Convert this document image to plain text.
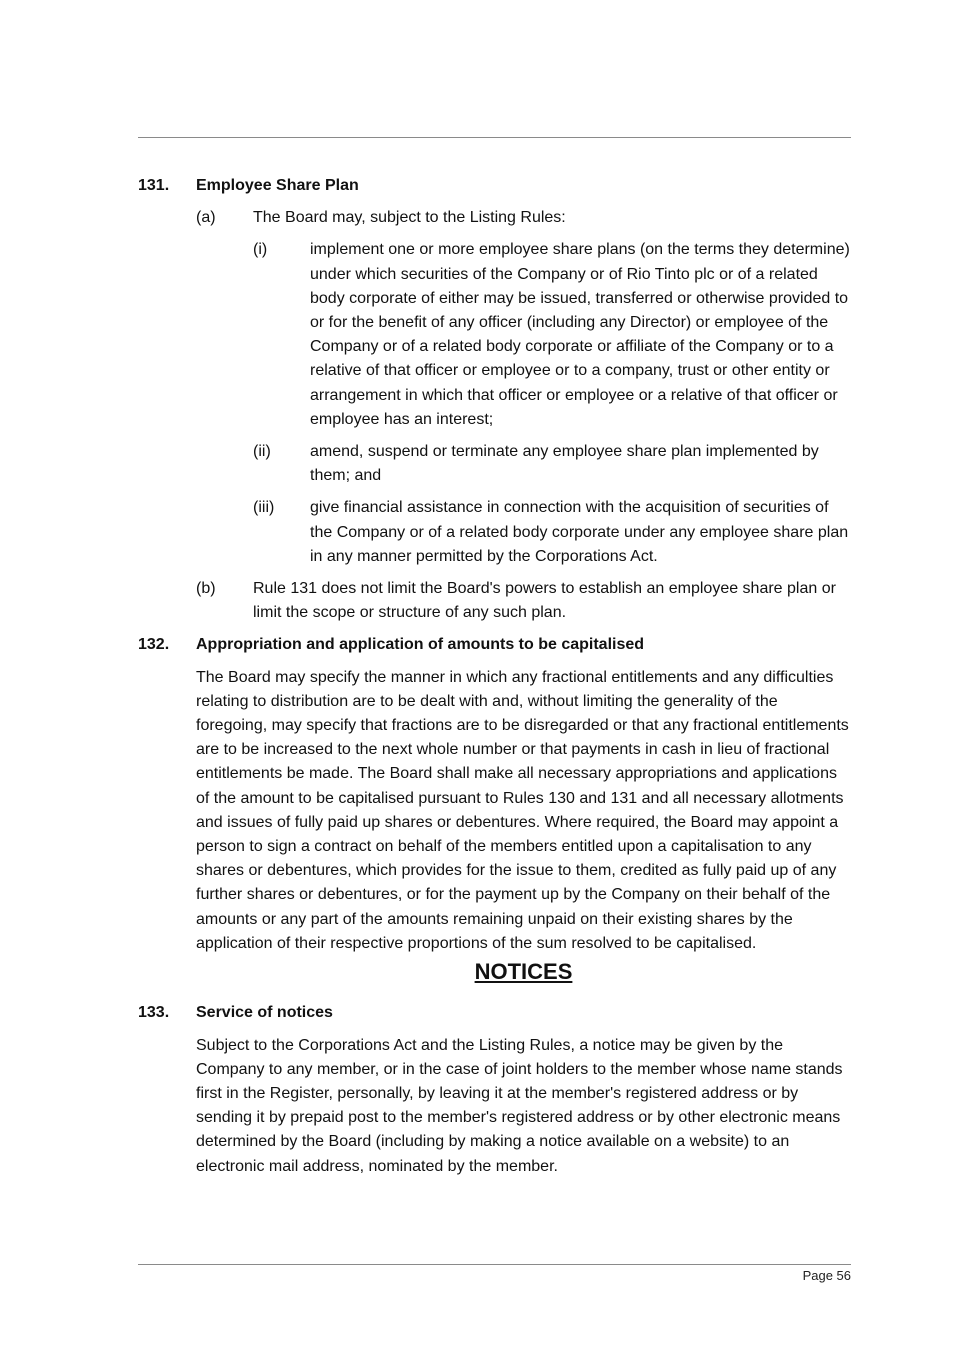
131.	Employee Share Plan
(a)	The Board may, subject to the Listing Rules:
(i)	implement one or more employee share plans (on the terms they determine) under which securities of the Company or of Rio Tinto plc or of a related body corporate of either may be issued, transferred or otherwise provided to or for the benefit of any officer (including any Director) or employee of the Company or of a related body corporate or affiliate of the Company or to a relative of that officer or employee or to a company, trust or other entity or arrangement in which that officer or employee or a relative of that officer or employee has an interest;
(ii)	amend, suspend or terminate any employee share plan implemented by them; and
(iii)	give financial assistance in connection with the acquisition of securities of the Company or of a related body corporate under any employee share plan in any manner permitted by the Corporations Act.
(b)	Rule 131 does not limit the Board's powers to establish an employee share plan or limit the scope or structure of any such plan.
132.	Appropriation and application of amounts to be capitalised
The Board may specify the manner in which any fractional entitlements and any difficulties relating to distribution are to be dealt with and, without limiting the generality of the foregoing, may specify that fractions are to be disregarded or that any fractional entitlements are to be increased to the next whole number or that payments in cash in lieu of fractional entitlements be made. The Board shall make all necessary appropriations and applications of the amount to be capitalised pursuant to Rules 130 and 131 and all necessary allotments and issues of fully paid up shares or debentures. Where required, the Board may appoint a person to sign a contract on behalf of the members entitled upon a capitalisation to any shares or debentures, which provides for the issue to them, credited as fully paid up of any further shares or debentures, or for the payment up by the Company on their behalf of the amounts or any part of the amounts remaining unpaid on their existing shares by the application of their respective proportions of the sum resolved to be capitalised.
NOTICES
133.	Service of notices
Subject to the Corporations Act and the Listing Rules, a notice may be given by the Company to any member, or in the case of joint holders to the member whose name stands first in the Register, personally, by leaving it at the member's registered address or by sending it by prepaid post to the member's registered address or by other electronic means determined by the Board (including by making a notice available on a website) to an electronic mail address, nominated by the member.
Page 56
